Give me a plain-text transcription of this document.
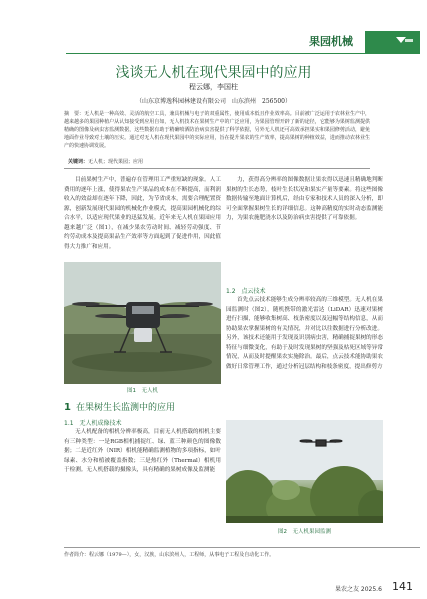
果园机械
浅谈无人机在现代果园中的应用
程云娜，李国柱
（山东京博逸科园林建设有限公司　山东滨州　256500）
摘　要：无人机是一种高效、灵活的航空工具，兼具机械与电子的双重属性，使用成本低且作业效率高。目前被广泛运用于农林业生产中，越来越多的果园种植户从认知接受到应用自如，无人机技术在果树生产中的广泛应用，为果园管理开辟了新的途径，它能够为果树监测提供精确的图像及病虫害监测数据，这些数据有助于精确喷洒防治病虫害提供了科学依据，另外无人机还可高效承担果实和果园修剪活动，避免地面作业导致对土壤的压实。通过对无人机在现代果园中的实际应用，旨在提升果农的生产效率，提高果树的种植效益，进而推动农林业生产的快速协调发展。
关键词：无人机；现代果园；应用

目前果树生产中，普遍存在管理用工严重短缺的现象。人工费用的逐年上涨，使得果农生产果品的成本在不断提高，而利润收入的效益却在逐年下降，因此，为节省成本，需要合理配置资源，创新发展现代果园的机械化作业模式，提高果园机械化的综合水平，以适应现代果业的迅猛发展。近年来无人机在果园应用越来越广泛（图1），在减少果农劳动时间、减轻劳动强度、节约劳动成本及提高果品生产效率等方面起到了促进作用，因此值得大力推广和应用。

力，获得高分辨率的图像数据让果农得以迅速且精确地判断果树的生长态势，枝叶生长状况和果实产量等要素。将这些图像数据传输至地面计算机后，经由专家和技术人员的深入分析，即可全面掌握果树生长的详细信息。这种高精度的实时动态监测能力，为果农施肥浇水以及防治病虫害提供了可靠依据。

图1　无人机
1 在果树生长监测中的应用
1.1　无人机成像技术

无人机配备的相机分辨率极高，目前无人机搭载的相机主要有三种类型：一是RGB相机捕捉红、绿、蓝三种颜色的图像数据；二是近红外（NIR）相机能精确监测植物的多项指标，如叶绿素、水分和植被覆盖指数；三是热红外（Thermal）相机用于检测。无人机搭载的摄像头，具有精确的果树成像及监测能

1.2　点云技术

首先点云技术能够生成分辨率较高的三维模型。无人机在果园监测时（图2），随机携带的激光雷达（LiDAR）迅速对果树进行扫描，能够收集树高、枝条密度以及冠幅等结构信息，从而协助果农掌握果树的有关情况，并对比以往数据进行分析改进。另外，该技术还能用于发现及识别病虫害，精确捕捉果树的形态特征与细微变化，有助于及时发现果树的坚强及枯死区域等异常情况，从而及时提醒果农实施除治。最后，点云技术能协助果农做好日常管理工作，通过分析冠层结构和枝条密度，提出修剪方

图2　无人机果园监测
作者简介：程云娜（1979—），女，汉族，山东滨州人，工程师，从事电子工程及自动化工作。
果农之友 2025.6 141
